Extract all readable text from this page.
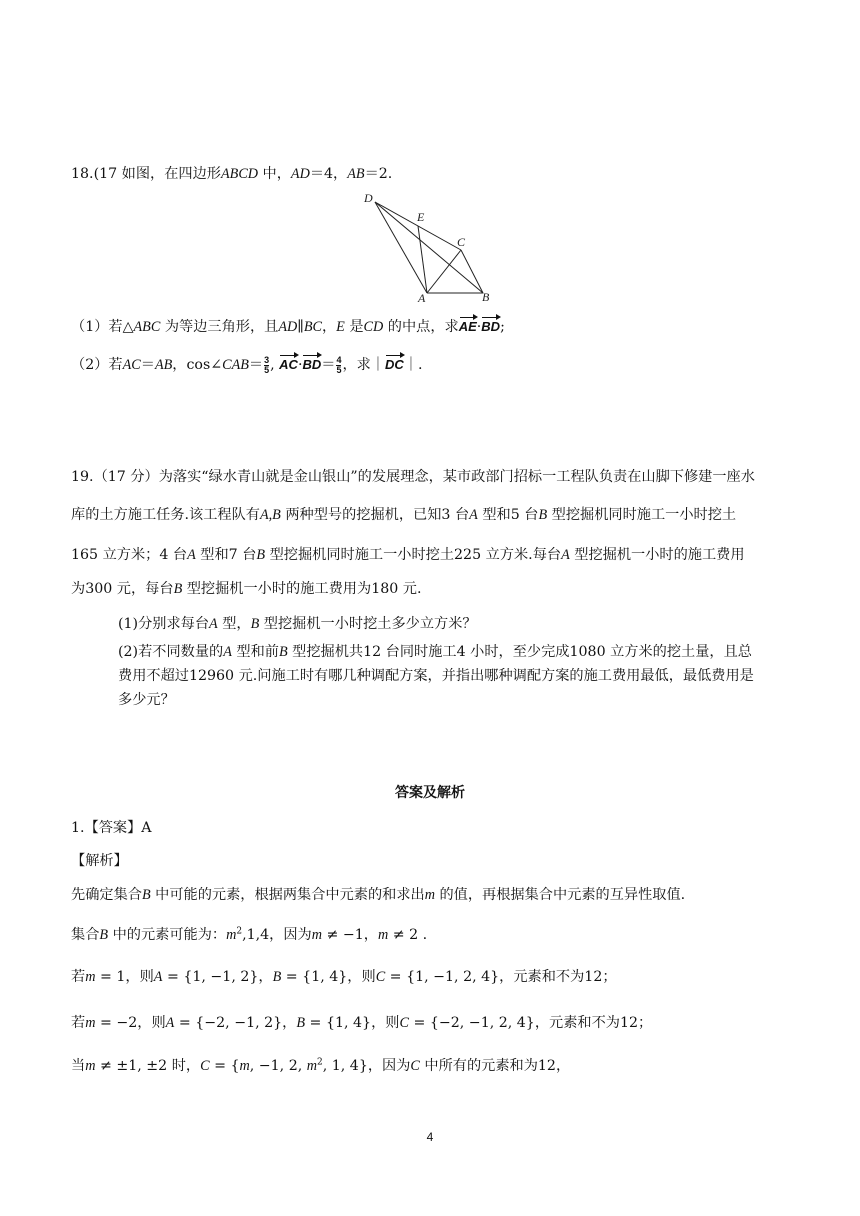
18.(17 如图，在四边形ABCD 中，AD＝4，AB＝2.
D
E
C
A	B
（1）若△ABC 为等边三角形，且AD∥BC，E 是CD 的中点，求AE·BD;
（2）若AC＝AB，cos∠CAB＝ $\frac{3}{5}$ , $AC\cdot BD= \frac{4}{5}$ ，求｜DC｜.
19.（17 分）为落实“绿水青山就是金山银山”的发展理念，某市政部门招标一工程队负责在山脚下修建一座水
库的土方施工任务.该工程队有A,B 两种型号的挖掘机，已知3 台A 型和5 台B 型挖掘机同时施工一小时挖土
165 立方米；4 台A 型和7 台B 型挖掘机同时施工一小时挖土225 立方米.每台A 型挖掘机一小时的施工费用
为300 元，每台B 型挖掘机一小时的施工费用为180 元.
(1)分别求每台A 型，B 型挖掘机一小时挖土多少立方米？
(2)若不同数量的A 型和前B 型挖掘机共12 台同时施工4 小时，至少完成1080 立方米的挖土量，且总
费用不超过12960 元.问施工时有哪几种调配方案，并指出哪种调配方案的施工费用最低，最低费用是
多少元？
答案及解析
1.【答案】A
【解析】
先确定集合B 中可能的元素，根据两集合中元素的和求出m 的值，再根据集合中元素的互异性取值.
集合B 中的元素可能为：$m^2,1,4$，因为m ≠ −1，m ≠ 2 .
若m = 1，则A = {1, −1, 2}，B = {1, 4}，则C = {1, −1, 2, 4}，元素和不为12；
若m = −2，则A = {−2, −1, 2}，B = {1, 4}，则C = {−2, −1, 2, 4}，元素和不为12；
当m ≠ ±1, ±2 时，C = {m, −1, 2, $m^2$, 1, 4}，因为C 中所有的元素和为12，
4
